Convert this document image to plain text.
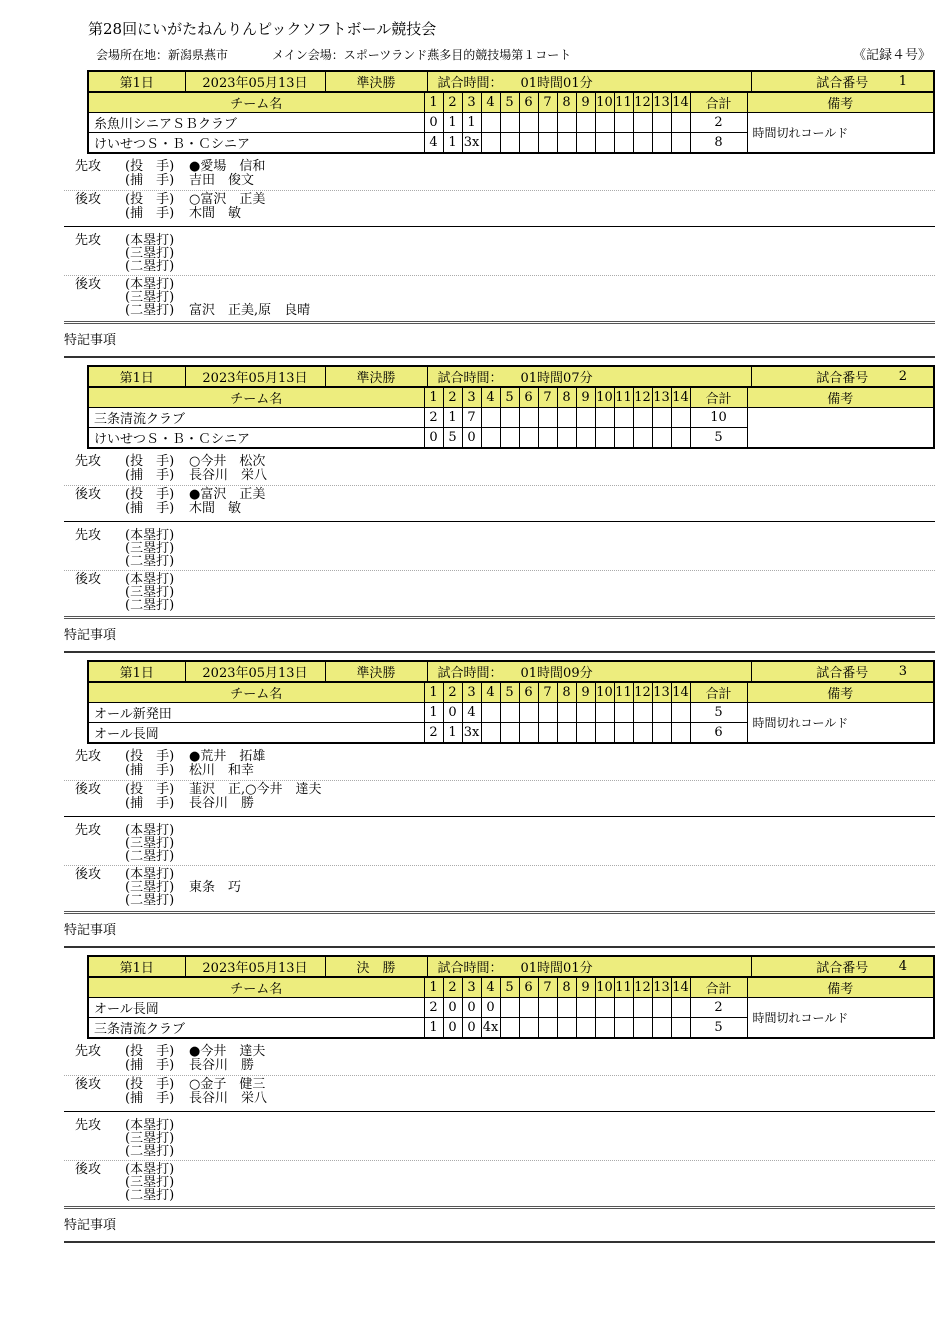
第28回にいがたねんりんピックソフトボール競技会
会場所在地：新潟県燕市	メイン会場：スポーツランド燕多目的競技場第１コート	《記録４号》
第1日	2023年05月13日	準決勝	試合時間： 01時間01分	試合番号 1
チーム名	1	2	3	4	5	6	7	8	9	10	11	12	13	14	合計	備考
糸魚川シニアＳＢクラブ	0	1	1												2	時間切れコールド
けいせつＳ・Ｂ・Ｃシニア	4	1	3x												8	
先攻	(投　手)	●愛場　信和
(捕　手)	吉田　俊文
後攻	(投　手)	○富沢　正美
(捕　手)	木間　敏
先攻	(本塁打)
(三塁打)
(二塁打)
後攻	(本塁打)
(三塁打)
(二塁打)	富沢　正美,原　良晴
特記事項
第1日	2023年05月13日	準決勝	試合時間： 01時間07分	試合番号 2
チーム名	1	2	3	4	5	6	7	8	9	10	11	12	13	14	合計	備考
三条清流クラブ	2	1	7												10	
けいせつＳ・Ｂ・Ｃシニア	0	5	0												5	
先攻	(投　手)	○今井　松次
(捕　手)	長谷川　栄八
後攻	(投　手)	●富沢　正美
(捕　手)	木間　敏
先攻	(本塁打)
(三塁打)
(二塁打)
後攻	(本塁打)
(三塁打)
(二塁打)
特記事項
第1日	2023年05月13日	準決勝	試合時間： 01時間09分	試合番号 3
チーム名	1	2	3	4	5	6	7	8	9	10	11	12	13	14	合計	備考
オール新発田	1	0	4												5	時間切れコールド
オール長岡	2	1	3x												6	
先攻	(投　手)	●荒井　拓雄
(捕　手)	松川　和幸
後攻	(投　手)	韮沢　正,○今井　達夫
(捕　手)	長谷川　勝
先攻	(本塁打)
(三塁打)
(二塁打)
後攻	(本塁打)
(三塁打)	東条　巧
(二塁打)
特記事項
第1日	2023年05月13日	決　勝	試合時間： 01時間01分	試合番号 4
チーム名	1	2	3	4	5	6	7	8	9	10	11	12	13	14	合計	備考
オール長岡	2	0	0	0											2	時間切れコールド
三条清流クラブ	1	0	0	4x											5	
先攻	(投　手)	●今井　達夫
(捕　手)	長谷川　勝
後攻	(投　手)	○金子　健三
(捕　手)	長谷川　栄八
先攻	(本塁打)
(三塁打)
(二塁打)
後攻	(本塁打)
(三塁打)
(二塁打)
特記事項
